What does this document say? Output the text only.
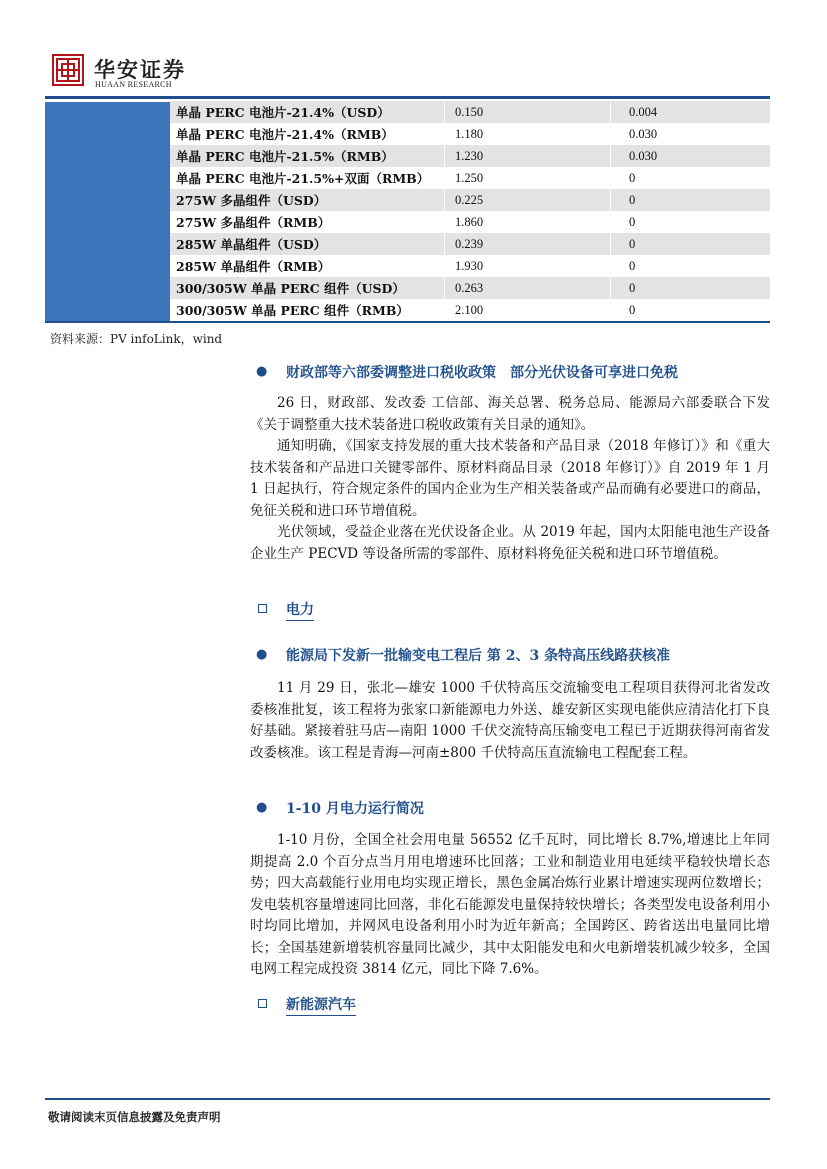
华安证券
HUAAN RESEARCH
单晶 PERC 电池片-21.4%（USD）	0.150	0.004
单晶 PERC 电池片-21.4%（RMB）	1.180	0.030
单晶 PERC 电池片-21.5%（RMB）	1.230	0.030
单晶 PERC 电池片-21.5%+双面（RMB）	1.250	0
275W 多晶组件（USD）	0.225	0
275W 多晶组件（RMB）	1.860	0
285W 单晶组件（USD）	0.239	0
285W 单晶组件（RMB）	1.930	0
300/305W 单晶 PERC 组件（USD）	0.263	0
300/305W 单晶 PERC 组件（RMB）	2.100	0
资料来源：PV infoLink，wind
● 财政部等六部委调整进口税收政策　部分光伏设备可享进口免税

26 日，财政部、发改委 工信部、海关总署、税务总局、能源局六部委联合下发《关于调整重大技术装备进口税收政策有关目录的通知》。

通知明确，《国家支持发展的重大技术装备和产品目录（2018 年修订）》和《重大技术装备和产品进口关键零部件、原材料商品目录（2018 年修订）》自 2019 年 1 月 1 日起执行，符合规定条件的国内企业为生产相关装备或产品而确有必要进口的商品，免征关税和进口环节增值税。

光伏领域，受益企业落在光伏设备企业。从 2019 年起，国内太阳能电池生产设备企业生产 PECVD 等设备所需的零部件、原材料将免征关税和进口环节增值税。

电力
● 能源局下发新一批输变电工程后 第 2、3 条特高压线路获核准

11 月 29 日，张北—雄安 1000 千伏特高压交流输变电工程项目获得河北省发改委核准批复，该工程将为张家口新能源电力外送、雄安新区实现电能供应清洁化打下良好基础。紧接着驻马店—南阳 1000 千伏交流特高压输变电工程已于近期获得河南省发改委核准。该工程是青海—河南±800 千伏特高压直流输电工程配套工程。

● 1-10 月电力运行简况

1-10 月份，全国全社会用电量 56552 亿千瓦时，同比增长 8.7%,增速比上年同期提高 2.0 个百分点当月用电增速环比回落；工业和制造业用电延续平稳较快增长态势；四大高载能行业用电均实现正增长，黑色金属冶炼行业累计增速实现两位数增长；发电装机容量增速同比回落，非化石能源发电量保持较快增长；各类型发电设备利用小时均同比增加，并网风电设备利用小时为近年新高；全国跨区、跨省送出电量同比增长；全国基建新增装机容量同比减少，其中太阳能发电和火电新增装机减少较多，全国电网工程完成投资 3814 亿元，同比下降 7.6%。

新能源汽车
敬请阅读末页信息披露及免责声明
